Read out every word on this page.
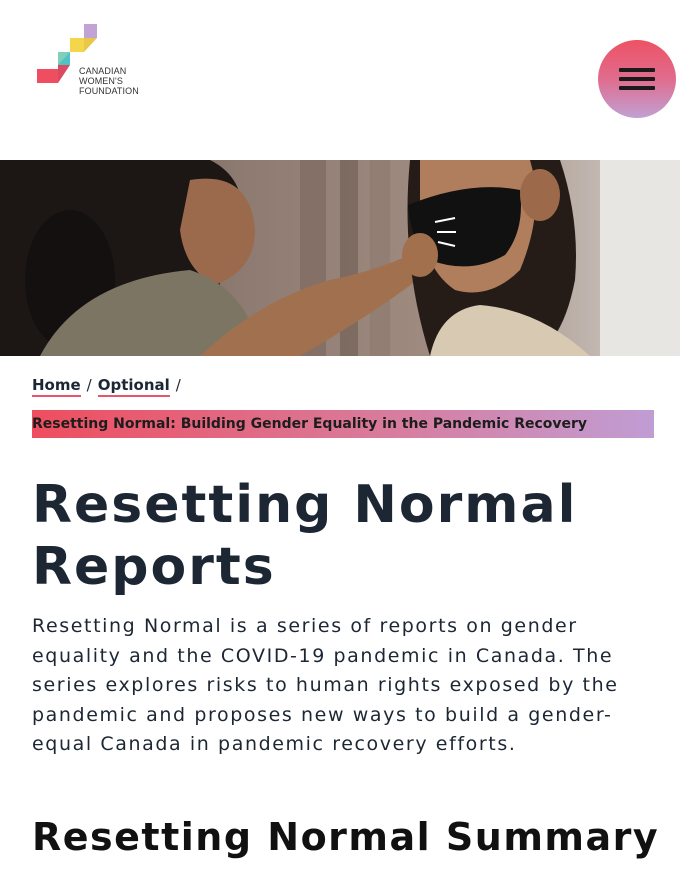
CANADIAN
WOMEN'S
FOUNDATION
Home / Optional /
Resetting Normal: Building Gender Equality in the Pandemic Recovery
Resetting Normal
Reports

Resetting Normal is a series of reports on gender equality and the COVID-19 pandemic in Canada. The series explores risks to human rights exposed by the pandemic and proposes new ways to build a gender-equal Canada in pandemic recovery efforts.

Resetting Normal Summary
